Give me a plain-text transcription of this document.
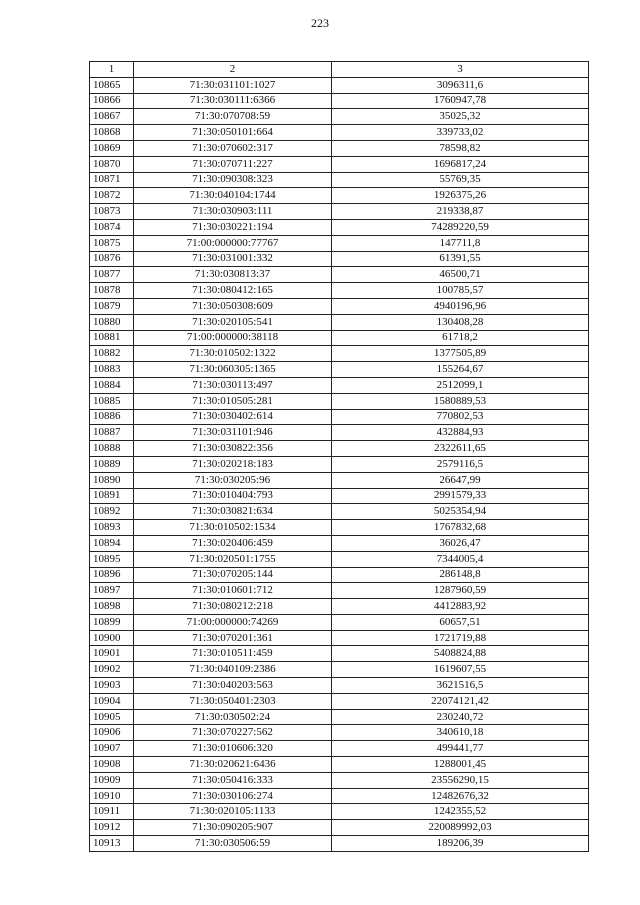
223
1	2	3
10865	71:30:031101:1027	3096311,6
10866	71:30:030111:6366	1760947,78
10867	71:30:070708:59	35025,32
10868	71:30:050101:664	339733,02
10869	71:30:070602:317	78598,82
10870	71:30:070711:227	1696817,24
10871	71:30:090308:323	55769,35
10872	71:30:040104:1744	1926375,26
10873	71:30:030903:111	219338,87
10874	71:30:030221:194	74289220,59
10875	71:00:000000:77767	147711,8
10876	71:30:031001:332	61391,55
10877	71:30:030813:37	46500,71
10878	71:30:080412:165	100785,57
10879	71:30:050308:609	4940196,96
10880	71:30:020105:541	130408,28
10881	71:00:000000:38118	61718,2
10882	71:30:010502:1322	1377505,89
10883	71:30:060305:1365	155264,67
10884	71:30:030113:497	2512099,1
10885	71:30:010505:281	1580889,53
10886	71:30:030402:614	770802,53
10887	71:30:031101:946	432884,93
10888	71:30:030822:356	2322611,65
10889	71:30:020218:183	2579116,5
10890	71:30:030205:96	26647,99
10891	71:30:010404:793	2991579,33
10892	71:30:030821:634	5025354,94
10893	71:30:010502:1534	1767832,68
10894	71:30:020406:459	36026,47
10895	71:30:020501:1755	7344005,4
10896	71:30:070205:144	286148,8
10897	71:30:010601:712	1287960,59
10898	71:30:080212:218	4412883,92
10899	71:00:000000:74269	60657,51
10900	71:30:070201:361	1721719,88
10901	71:30:010511:459	5408824,88
10902	71:30:040109:2386	1619607,55
10903	71:30:040203:563	3621516,5
10904	71:30:050401:2303	22074121,42
10905	71:30:030502:24	230240,72
10906	71:30:070227:562	340610,18
10907	71:30:010606:320	499441,77
10908	71:30:020621:6436	1288001,45
10909	71:30:050416:333	23556290,15
10910	71:30:030106:274	12482676,32
10911	71:30:020105:1133	1242355,52
10912	71:30:090205:907	220089992,03
10913	71:30:030506:59	189206,39
